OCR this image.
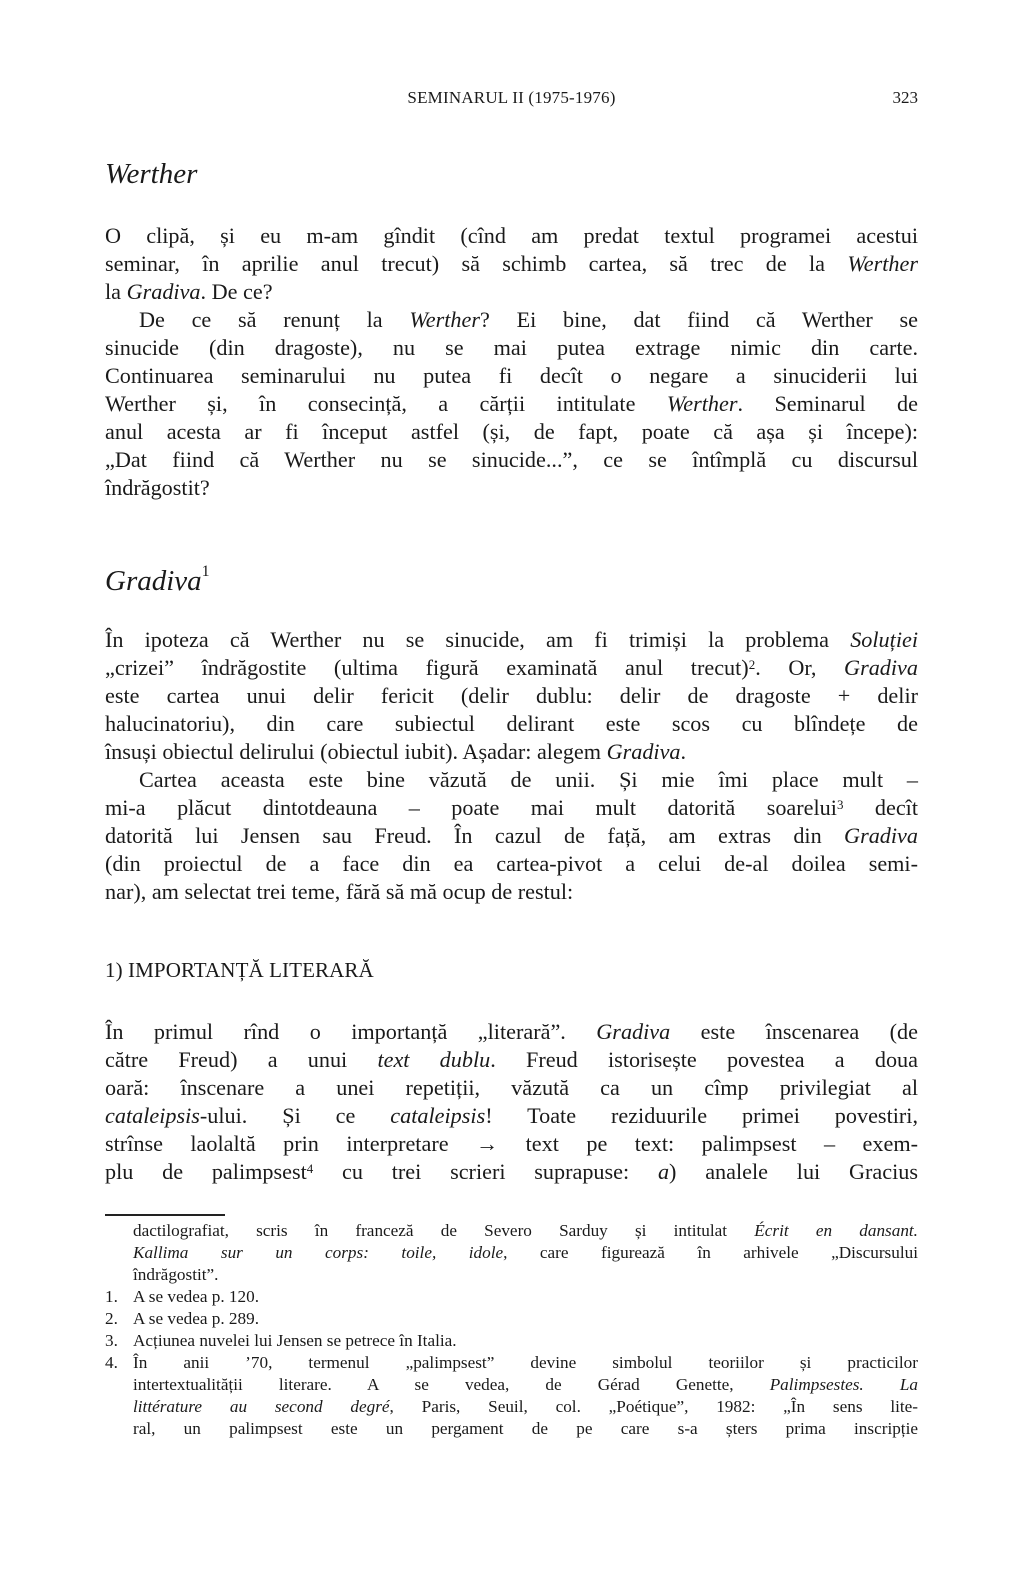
SEMINARUL II (1975-1976)	323
Werther

O clipă, și eu m-am gîndit (cînd am predat textul programei acestui
seminar, în aprilie anul trecut) să schimb cartea, să trec de la Werther
la Gradiva. De ce?

De ce să renunț la Werther? Ei bine, dat fiind că Werther se
sinucide (din dragoste), nu se mai putea extrage nimic din carte.
Continuarea seminarului nu putea fi decît o negare a sinuciderii lui
Werther și, în consecință, a cărții intitulate Werther. Seminarul de
anul acesta ar fi început astfel (și, de fapt, poate că așa și începe):
„Dat fiind că Werther nu se sinucide...”, ce se întîmplă cu discursul
îndrăgostit?

Gradiva$^1$

În ipoteza că Werther nu se sinucide, am fi trimiși la problema Soluției
„crizei” îndrăgostite (ultima figură examinată anul trecut)$^2$. Or, Gradiva
este cartea unui delir fericit (delir dublu: delir de dragoste + delir
halucinatoriu), din care subiectul delirant este scos cu blîndețe de
însuși obiectul delirului (obiectul iubit). Așadar: alegem Gradiva.

Cartea aceasta este bine văzută de unii. Și mie îmi place mult –
mi-a plăcut dintotdeauna – poate mai mult datorită soarelui$^3$ decît
datorită lui Jensen sau Freud. În cazul de față, am extras din Gradiva
(din proiectul de a face din ea cartea-pivot a celui de-al doilea semi-
nar), am selectat trei teme, fără să mă ocup de restul:

1) IMPORTANȚĂ LITERARĂ

În primul rînd o importanță „literară”. Gradiva este înscenarea (de
către Freud) a unui text dublu. Freud istorisește povestea a doua
oară: înscenare a unei repetiții, văzută ca un cîmp privilegiat al
cataleipsis-ului. Și ce cataleipsis! Toate reziduurile primei povestiri,
strînse laolaltă prin interpretare → text pe text: palimpsest – exem-
plu de palimpsest$^4$ cu trei scrieri suprapuse: a) analele lui Gracius

dactilografiat, scris în franceză de Severo Sarduy și intitulat Écrit en dansant.
Kallima sur un corps: toile, idole, care figurează în arhivele „Discursului
îndrăgostit”.
1. A se vedea p. 120.
2. A se vedea p. 289.
3. Acțiunea nuvelei lui Jensen se petrece în Italia.
4. În anii ’70, termenul „palimpsest” devine simbolul teoriilor și practicilor
intertextualității literare. A se vedea, de Gérad Genette, Palimpsestes. La
littérature au second degré, Paris, Seuil, col. „Poétique”, 1982: „În sens lite-
ral, un palimpsest este un pergament de pe care s-a șters prima inscripție
